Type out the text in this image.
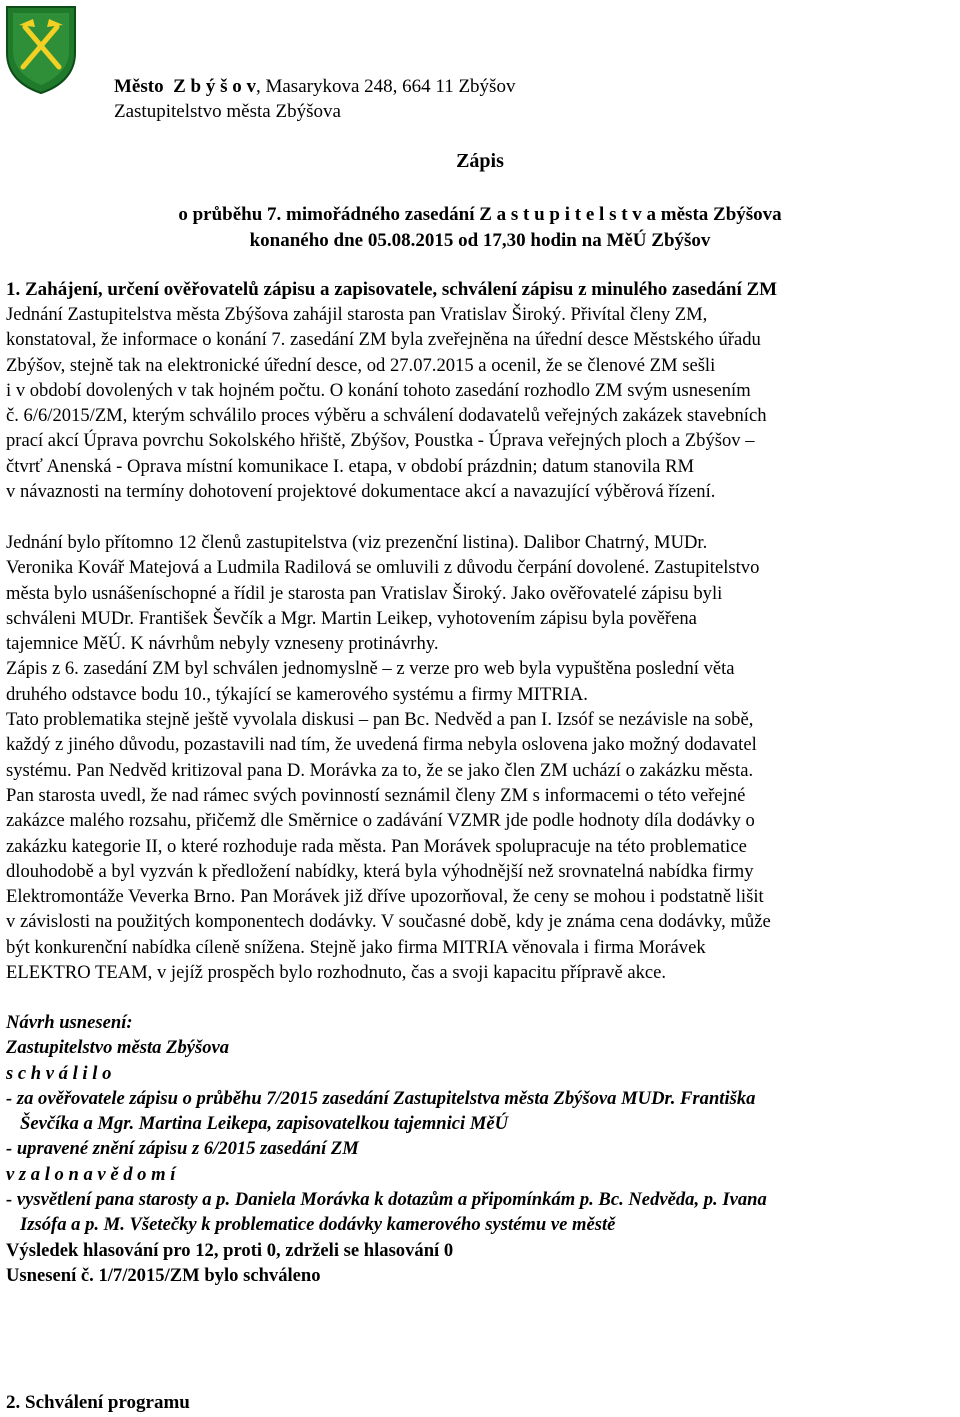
Město Z b ý š o v, Masarykova 248, 664 11 Zbýšov
Zastupitelstvo města Zbýšova
Zápis
o průběhu 7. mimořádného zasedání Z a s t u p i t e l s t v a města Zbýšova
konaného dne 05.08.2015 od 17,30 hodin na MěÚ Zbýšov
1. Zahájení, určení ověřovatelů zápisu a zapisovatele, schválení zápisu z minulého zasedání ZM
Jednání Zastupitelstva města Zbýšova zahájil starosta pan Vratislav Široký. Přivítal členy ZM,
konstatoval, že informace o konání 7. zasedání ZM byla zveřejněna na úřední desce Městského úřadu
Zbýšov, stejně tak na elektronické úřední desce, od 27.07.2015 a ocenil, že se členové ZM sešli
i v období dovolených v tak hojném počtu. O konání tohoto zasedání rozhodlo ZM svým usnesením
č. 6/6/2015/ZM, kterým schválilo proces výběru a schválení dodavatelů veřejných zakázek stavebních
prací akcí Úprava povrchu Sokolského hřiště, Zbýšov, Poustka - Úprava veřejných ploch a Zbýšov –
čtvrť Anenská - Oprava místní komunikace I. etapa, v období prázdnin; datum stanovila RM
v návaznosti na termíny dohotovení projektové dokumentace akcí a navazující výběrová řízení.
Jednání bylo přítomno 12 členů zastupitelstva (viz prezenční listina). Dalibor Chatrný, MUDr.
Veronika Kovář Matejová a Ludmila Radilová se omluvili z důvodu čerpání dovolené. Zastupitelstvo
města bylo usnášeníschopné a řídil je starosta pan Vratislav Široký. Jako ověřovatelé zápisu byli
schváleni MUDr. František Ševčík a Mgr. Martin Leikep, vyhotovením zápisu byla pověřena
tajemnice MěÚ. K návrhům nebyly vzneseny protinávrhy.
Zápis z 6. zasedání ZM byl schválen jednomyslně – z verze pro web byla vypuštěna poslední věta
druhého odstavce bodu 10., týkající se kamerového systému a firmy MITRIA.
Tato problematika stejně ještě vyvolala diskusi – pan Bc. Nedvěd a pan I. Izsóf se nezávisle na sobě,
každý z jiného důvodu, pozastavili nad tím, že uvedená firma nebyla oslovena jako možný dodavatel
systému. Pan Nedvěd kritizoval pana D. Morávka za to, že se jako člen ZM uchází o zakázku města.
Pan starosta uvedl, že nad rámec svých povinností seznámil členy ZM s informacemi o této veřejné
zakázce malého rozsahu, přičemž dle Směrnice o zadávání VZMR jde podle hodnoty díla dodávky o
zakázku kategorie II, o které rozhoduje rada města. Pan Morávek spolupracuje na této problematice
dlouhodobě a byl vyzván k předložení nabídky, která byla výhodnější než srovnatelná nabídka firmy
Elektromontáže Veverka Brno. Pan Morávek již dříve upozorňoval, že ceny se mohou i podstatně lišit
v závislosti na použitých komponentech dodávky. V současné době, kdy je známa cena dodávky, může
být konkurenční nabídka cíleně snížena. Stejně jako firma MITRIA věnovala i firma Morávek
ELEKTRO TEAM, v jejíž prospěch bylo rozhodnuto, čas a svoji kapacitu přípravě akce.
Návrh usnesení:
Zastupitelstvo města Zbýšova
s c h v á l i l o
- za ověřovatele zápisu o průběhu 7/2015 zasedání Zastupitelstva města Zbýšova MUDr. Františka
Ševčíka a Mgr. Martina Leikepa, zapisovatelkou tajemnici MěÚ
- upravené znění zápisu z 6/2015 zasedání ZM
v z a l o n a v ě d o m í
- vysvětlení pana starosty a p. Daniela Morávka k dotazům a připomínkám p. Bc. Nedvěda, p. Ivana
Izsófa a p. M. Všetečky k problematice dodávky kamerového systému ve městě
Výsledek hlasování pro 12, proti 0, zdrželi se hlasování 0
Usnesení č. 1/7/2015/ZM bylo schváleno
2. Schválení programu
